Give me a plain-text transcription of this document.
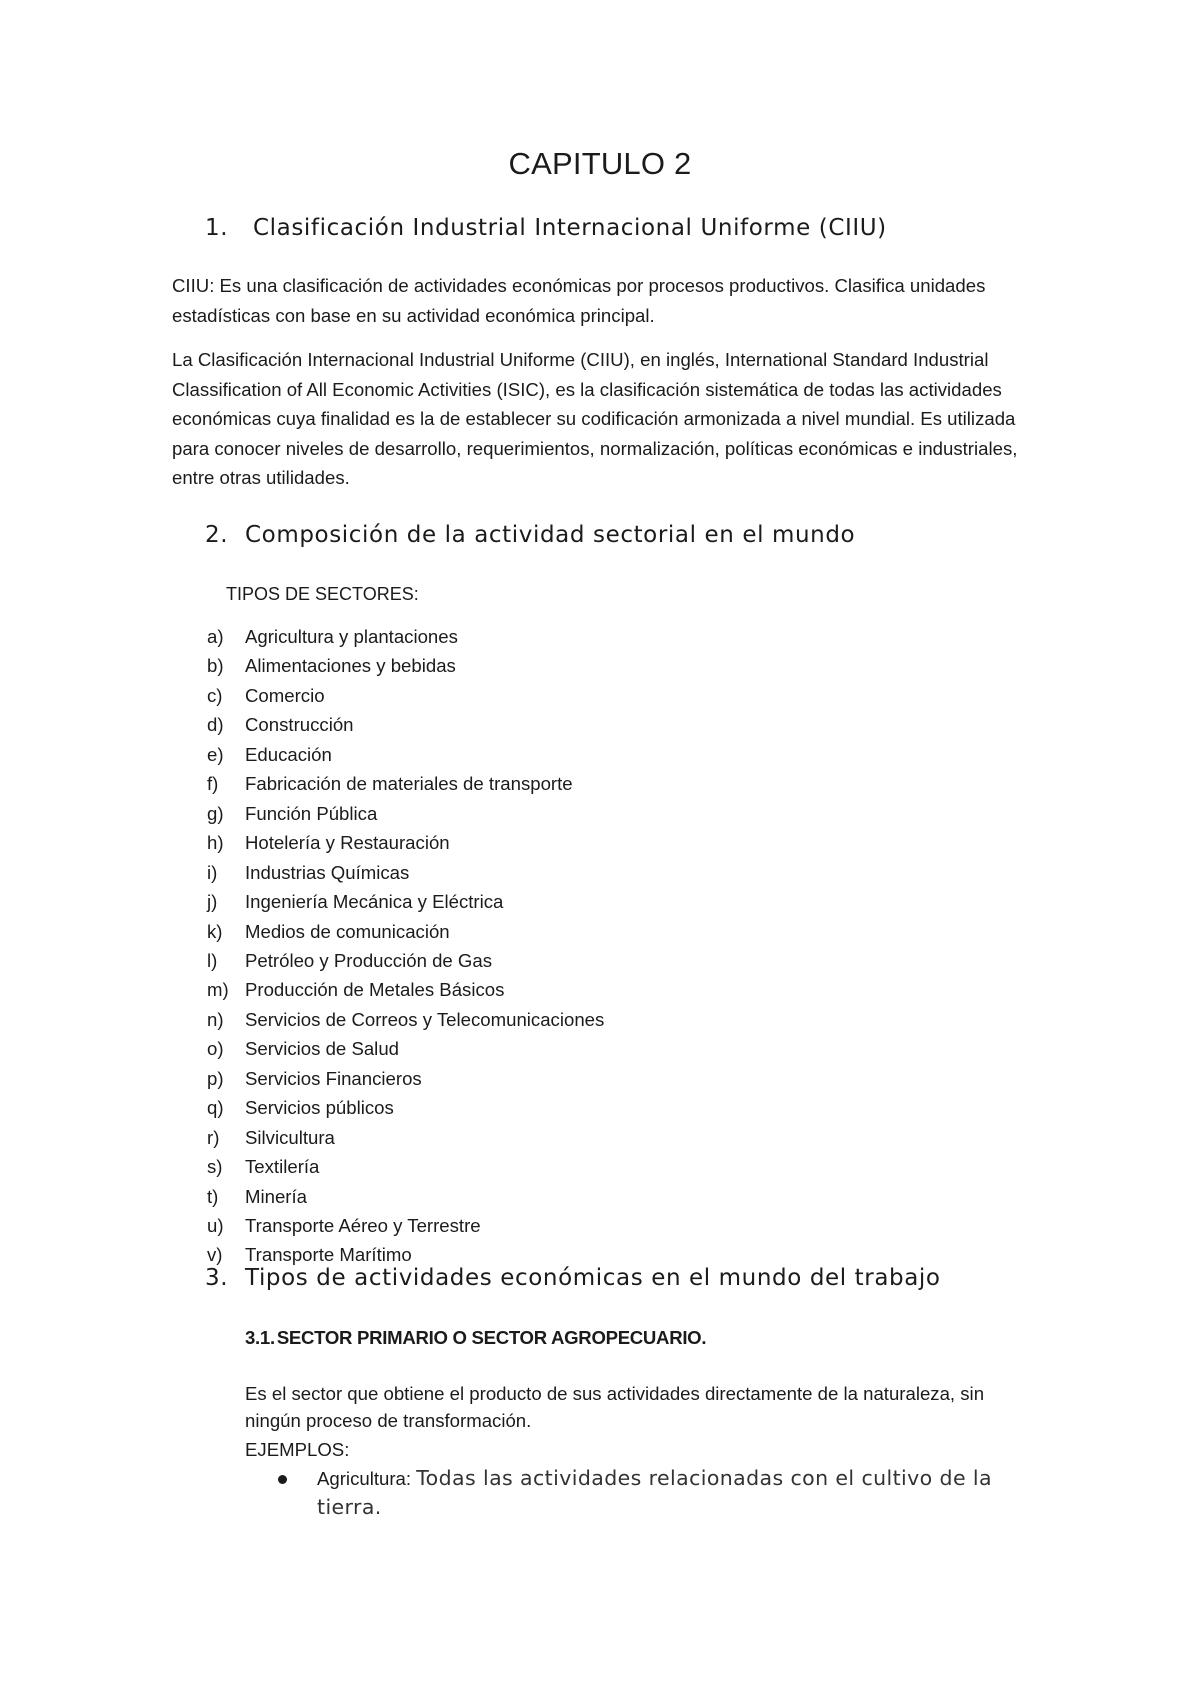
CAPITULO 2
1. Clasificación Industrial Internacional Uniforme (CIIU)
CIIU: Es una clasificación de actividades económicas por procesos productivos. Clasifica unidades estadísticas con base en su actividad económica principal.
La Clasificación Internacional Industrial Uniforme (CIIU), en inglés, International Standard Industrial Classification of All Economic Activities (ISIC), es la clasificación sistemática de todas las actividades económicas cuya finalidad es la de establecer su codificación armonizada a nivel mundial. Es utilizada para conocer niveles de desarrollo, requerimientos, normalización, políticas económicas e industriales, entre otras utilidades.
2. Composición de la actividad sectorial en el mundo
TIPOS DE SECTORES:
a) Agricultura y plantaciones
b) Alimentaciones y bebidas
c) Comercio
d) Construcción
e) Educación
f) Fabricación de materiales de transporte
g) Función Pública
h) Hotelería y Restauración
i) Industrias Químicas
j) Ingeniería Mecánica y Eléctrica
k) Medios de comunicación
l) Petróleo y Producción de Gas
m) Producción de Metales Básicos
n) Servicios de Correos y Telecomunicaciones
o) Servicios de Salud
p) Servicios Financieros
q) Servicios públicos
r) Silvicultura
s) Textilería
t) Minería
u) Transporte Aéreo y Terrestre
v) Transporte Marítimo
3. Tipos de actividades económicas en el mundo del trabajo
3.1. SECTOR PRIMARIO O SECTOR AGROPECUARIO.
Es el sector que obtiene el producto de sus actividades directamente de la naturaleza, sin ningún proceso de transformación.
EJEMPLOS:
Agricultura: Todas las actividades relacionadas con el cultivo de la tierra.
